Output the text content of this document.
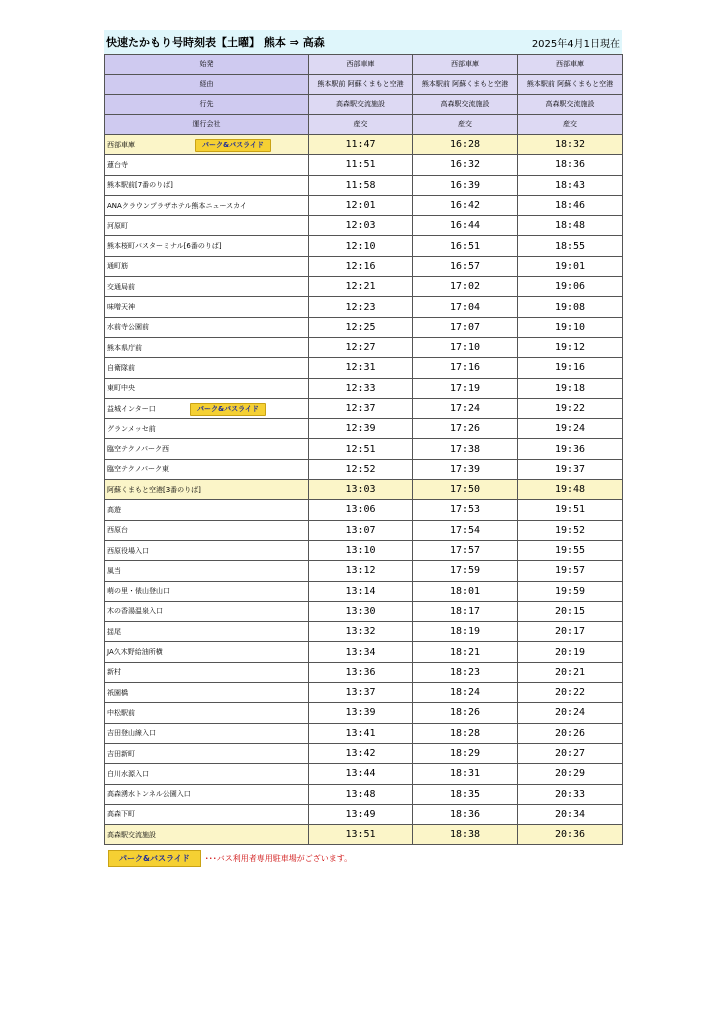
快速たかもり号時刻表【土曜】 熊本 ⇒ 高森	2025年4月1日現在
始発	西部車庫	西部車庫	西部車庫
経由	熊本駅前 阿蘇くまもと空港	熊本駅前 阿蘇くまもと空港	熊本駅前 阿蘇くまもと空港
行先	高森駅交流施設	高森駅交流施設	高森駅交流施設
運行会社	産交	産交	産交
西部車庫 パーク&バスライド	11:47	16:28	18:32
蓮台寺	11:51	16:32	18:36
熊本駅前[7番のりば]	11:58	16:39	18:43
ANAクラウンプラザホテル熊本ニュースカイ	12:01	16:42	18:46
河原町	12:03	16:44	18:48
熊本桜町バスターミナル[6番のりば]	12:10	16:51	18:55
通町筋	12:16	16:57	19:01
交通局前	12:21	17:02	19:06
味噌天神	12:23	17:04	19:08
水前寺公園前	12:25	17:07	19:10
熊本県庁前	12:27	17:10	19:12
自衛隊前	12:31	17:16	19:16
東町中央	12:33	17:19	19:18
益城インター口 パーク&バスライド	12:37	17:24	19:22
グランメッセ前	12:39	17:26	19:24
臨空テクノパーク西	12:51	17:38	19:36
臨空テクノパーク東	12:52	17:39	19:37
阿蘇くまもと空港[3番のりば]	13:03	17:50	19:48
高遊	13:06	17:53	19:51
西原台	13:07	17:54	19:52
西原役場入口	13:10	17:57	19:55
風当	13:12	17:59	19:57
萌の里・俵山登山口	13:14	18:01	19:59
木の香湯温泉入口	13:30	18:17	20:15
揺尾	13:32	18:19	20:17
JA久木野給油所横	13:34	18:21	20:19
新村	13:36	18:23	20:21
祇園橋	13:37	18:24	20:22
中松駅前	13:39	18:26	20:24
吉田登山線入口	13:41	18:28	20:26
吉田新町	13:42	18:29	20:27
白川水源入口	13:44	18:31	20:29
高森湧水トンネル公園入口	13:48	18:35	20:33
高森下町	13:49	18:36	20:34
高森駅交流施設	13:51	18:38	20:36
パーク&バスライド	･･･バス利用者専用駐車場がございます。
